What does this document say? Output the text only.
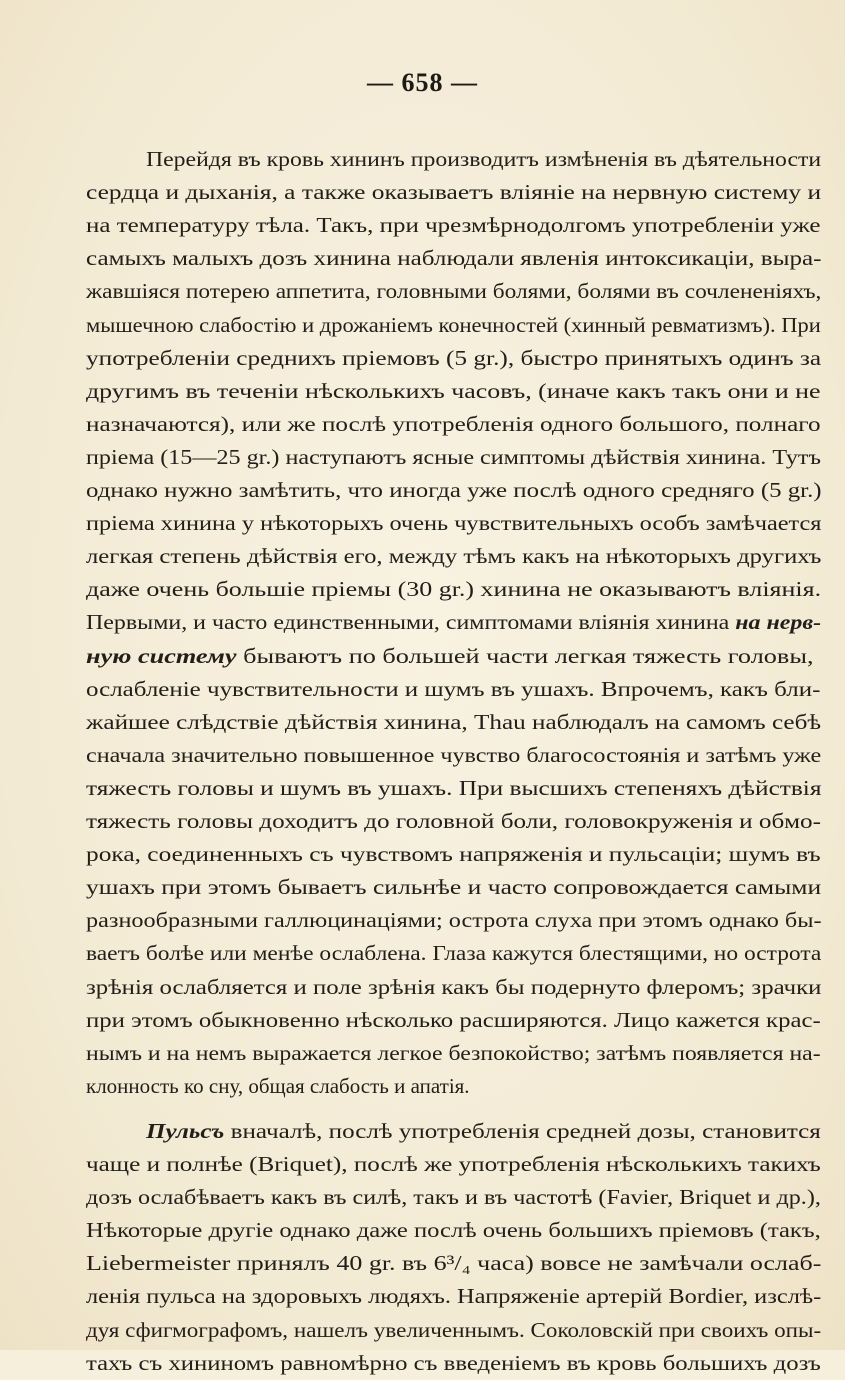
— 658 —
Перейдя въ кровь хининъ производитъ измѣненія въ дѣятельности
сердца и дыханія, а также оказываетъ вліяніе на нервную систему и
на температуру тѣла. Такъ, при чрезмѣрнодолгомъ употребленіи уже
самыхъ малыхъ дозъ хинина наблюдали явленія интоксикаціи, выра-
жавшіяся потерею аппетита, головными болями, болями въ сочлененіяхъ,
мышечною слабостію и дрожаніемъ конечностей (хинный ревматизмъ). При
употребленіи среднихъ пріемовъ (5 gr.), быстро принятыхъ одинъ за
другимъ въ теченіи нѣсколькихъ часовъ, (иначе какъ такъ они и не
назначаются), или же послѣ употребленія одного большого, полнаго
пріема (15—25 gr.) наступаютъ ясные симптомы дѣйствія хинина. Тутъ
однако нужно замѣтить, что иногда уже послѣ одного средняго (5 gr.)
пріема хинина у нѣкоторыхъ очень чувствительныхъ особъ замѣчается
легкая степень дѣйствія его, между тѣмъ какъ на нѣкоторыхъ другихъ
даже очень большіе пріемы (30 gr.) хинина не оказываютъ вліянія.
Первыми, и часто единственными, симптомами вліянія хинина на нерв-
ную систему бываютъ по большей части легкая тяжесть головы,
ослабленіе чувствительности и шумъ въ ушахъ. Впрочемъ, какъ бли-
жайшее слѣдствіе дѣйствія хинина, Thau наблюдалъ на самомъ себѣ
сначала значительно повышенное чувство благосостоянія и затѣмъ уже
тяжесть головы и шумъ въ ушахъ. При высшихъ степеняхъ дѣйствія
тяжесть головы доходитъ до головной боли, головокруженія и обмо-
рока, соединенныхъ съ чувствомъ напряженія и пульсаціи; шумъ въ
ушахъ при этомъ бываетъ сильнѣе и часто сопровождается самыми
разнообразными галлюцинаціями; острота слуха при этомъ однако бы-
ваетъ болѣе или менѣе ослаблена. Глаза кажутся блестящими, но острота
зрѣнія ослабляется и поле зрѣнія какъ бы подернуто флеромъ; зрачки
при этомъ обыкновенно нѣсколько расширяются. Лицо кажется крас-
нымъ и на немъ выражается легкое безпокойство; затѣмъ появляется на-
клонность ко сну, общая слабость и апатія.
Пульсъ вначалѣ, послѣ употребленія средней дозы, становится
чаще и полнѣе (Briquet), послѣ же употребленія нѣсколькихъ такихъ
дозъ ослабѣваетъ какъ въ силѣ, такъ и въ частотѣ (Favier, Briquet и др.),
Нѣкоторые другіе однако даже послѣ очень большихъ пріемовъ (такъ,
Liebermeister принялъ 40 gr. въ 6³/₄ часа) вовсе не замѣчали ослаб-
ленія пульса на здоровыхъ людяхъ. Напряженіе артерій Bordier, изслѣ-
дуя сфигмографомъ, нашелъ увеличеннымъ. Соколовскій при своихъ опы-
тахъ съ хининомъ равномѣрно съ введеніемъ въ кровь большихъ дозъ
